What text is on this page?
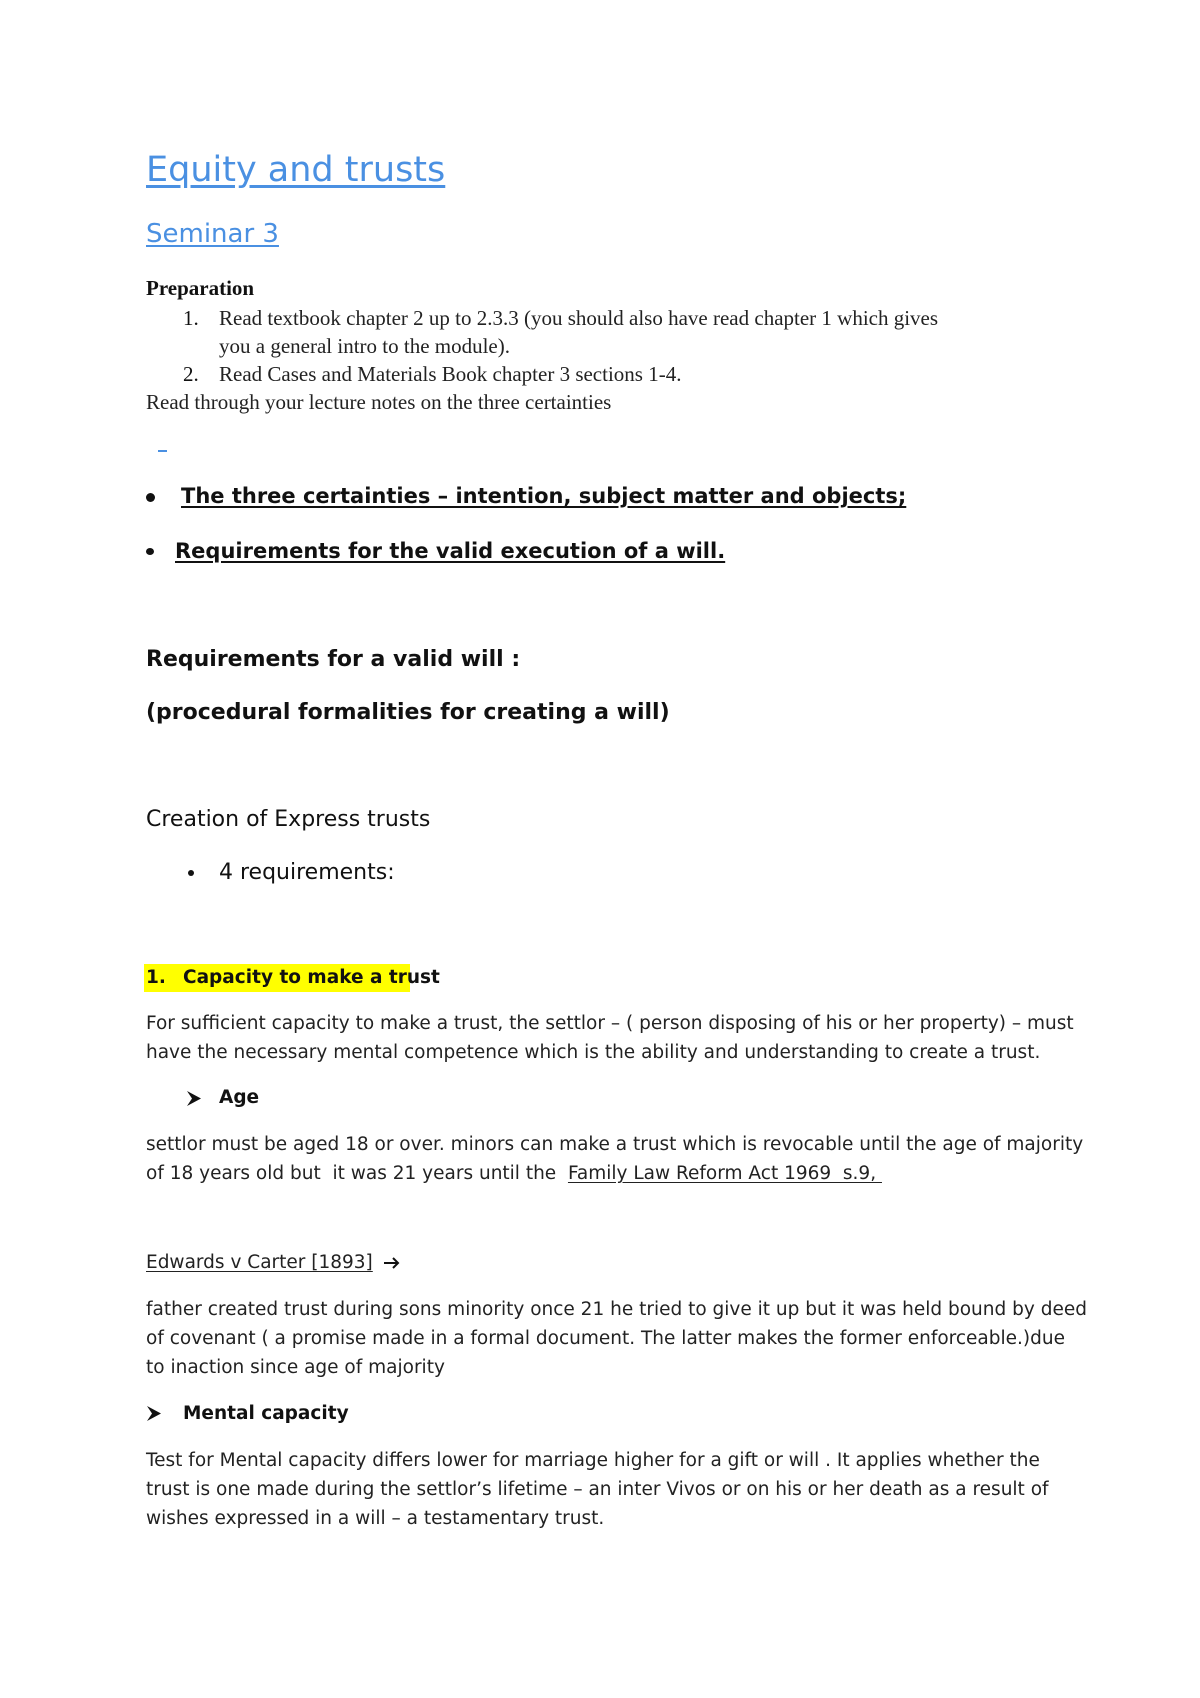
Equity and trusts
Seminar 3
Preparation
1. Read textbook chapter 2 up to 2.3.3 (you should also have read chapter 1 which gives
you a general intro to the module).
2. Read Cases and Materials Book chapter 3 sections 1-4.
Read through your lecture notes on the three certainties
The three certainties – intention, subject matter and objects;
Requirements for the valid execution of a will.
Requirements for a valid will :
(procedural formalities for creating a will)
Creation of Express trusts
4 requirements:
1. Capacity to make a trust
For sufficient capacity to make a trust, the settlor – ( person disposing of his or her property) – must
have the necessary mental competence which is the ability and understanding to create a trust.
Age
settlor must be aged 18 or over. minors can make a trust which is revocable until the age of majority
of 18 years old but  it was 21 years until the  Family Law Reform Act 1969  s.9,
Edwards v Carter [1893]
father created trust during sons minority once 21 he tried to give it up but it was held bound by deed
of covenant ( a promise made in a formal document. The latter makes the former enforceable.)due
to inaction since age of majority
Mental capacity
Test for Mental capacity differs lower for marriage higher for a gift or will . It applies whether the
trust is one made during the settlor’s lifetime – an inter Vivos or on his or her death as a result of
wishes expressed in a will – a testamentary trust.
